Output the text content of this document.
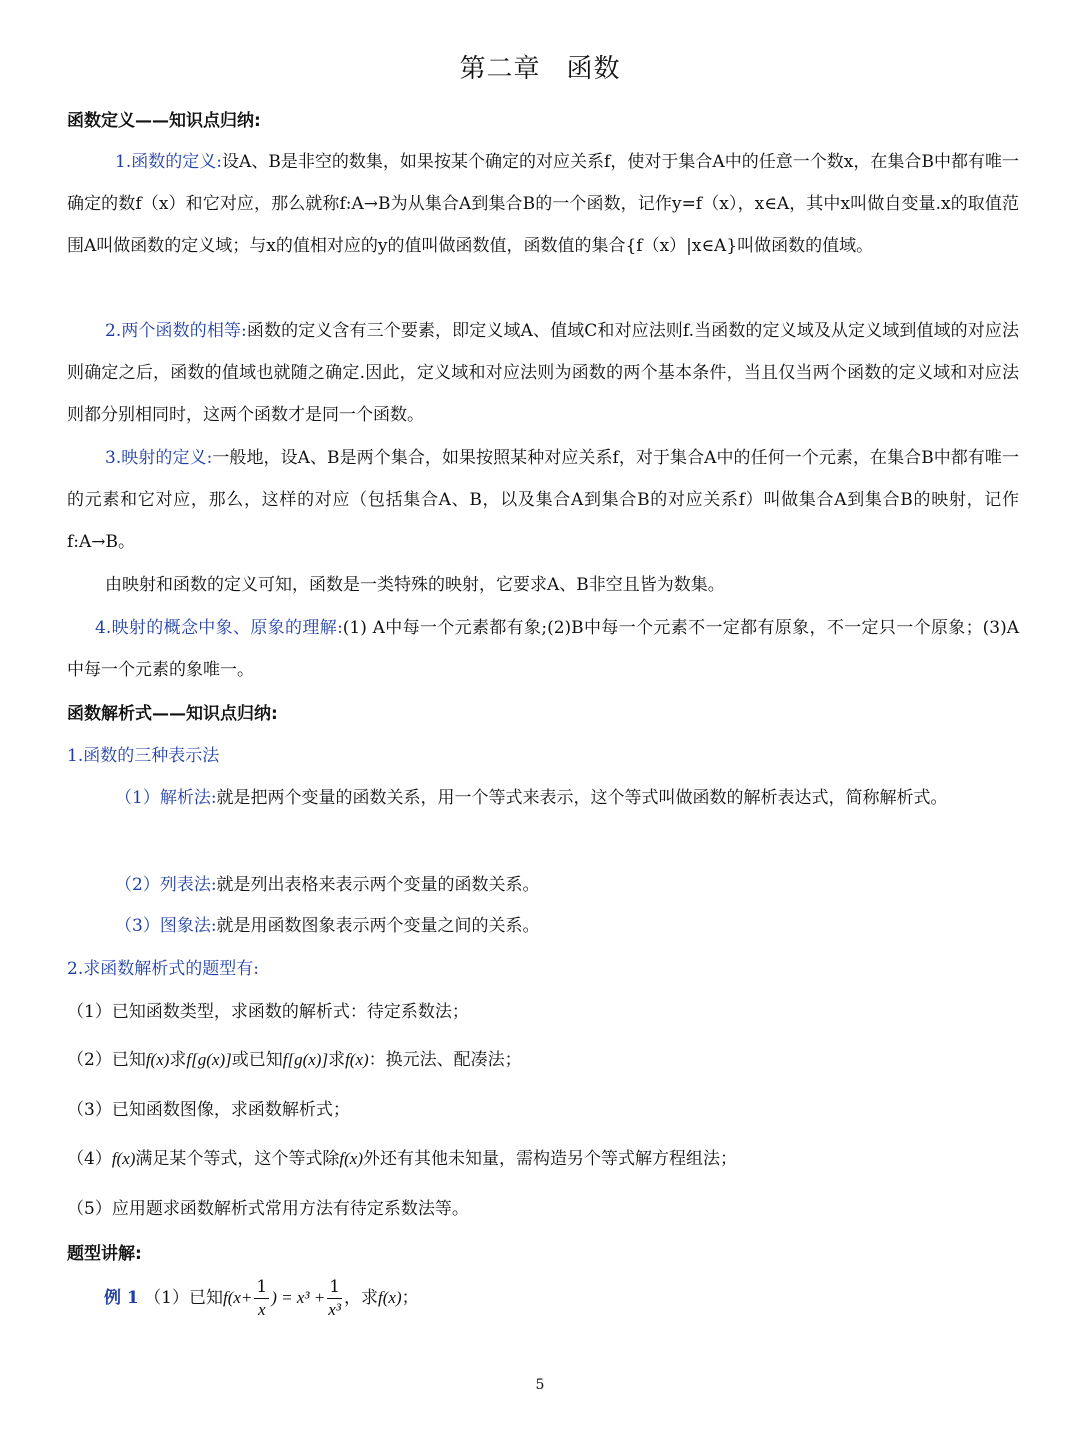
第二章 函数
函数定义——知识点归纳:
1.函数的定义:设A、B是非空的数集，如果按某个确定的对应关系f，使对于集合A中的任意一个数x，在集合B中都有唯一确定的数f（x）和它对应，那么就称f:A→B为从集合A到集合B的一个函数，记作y=f（x），x∈A，其中x叫做自变量.x的取值范围A叫做函数的定义域；与x的值相对应的y的值叫做函数值，函数值的集合{f（x）|x∈A}叫做函数的值域。
2.两个函数的相等:函数的定义含有三个要素，即定义域A、值域C和对应法则f.当函数的定义域及从定义域到值域的对应法则确定之后，函数的值域也就随之确定.因此，定义域和对应法则为函数的两个基本条件，当且仅当两个函数的定义域和对应法则都分别相同时，这两个函数才是同一个函数。
3.映射的定义:一般地，设A、B是两个集合，如果按照某种对应关系f，对于集合A中的任何一个元素，在集合B中都有唯一的元素和它对应，那么，这样的对应（包括集合A、B，以及集合A到集合B的对应关系f）叫做集合A到集合B的映射，记作f:A→B。
由映射和函数的定义可知，函数是一类特殊的映射，它要求A、B非空且皆为数集。
4.映射的概念中象、原象的理解:(1) A中每一个元素都有象;(2)B中每一个元素不一定都有原象，不一定只一个原象；(3)A中每一个元素的象唯一。
函数解析式——知识点归纳:
1.函数的三种表示法
（1）解析法:就是把两个变量的函数关系，用一个等式来表示，这个等式叫做函数的解析表达式，简称解析式。
（2）列表法:就是列出表格来表示两个变量的函数关系。
（3）图象法:就是用函数图象表示两个变量之间的关系。
2.求函数解析式的题型有:
（1）已知函数类型，求函数的解析式：待定系数法；
（2）已知f(x)求f[g(x)]或已知f[g(x)]求f(x)：换元法、配凑法；
（3）已知函数图像，求函数解析式；
（4）f(x)满足某个等式，这个等式除f(x)外还有其他未知量，需构造另个等式解方程组法；
（5）应用题求函数解析式常用方法有待定系数法等。
题型讲解:
例 1 （1）已知$f(x+ \frac{1}{x}$ ) = $x^3 + \frac{1}{\text{x³}}$ ，求f(x)；
5
